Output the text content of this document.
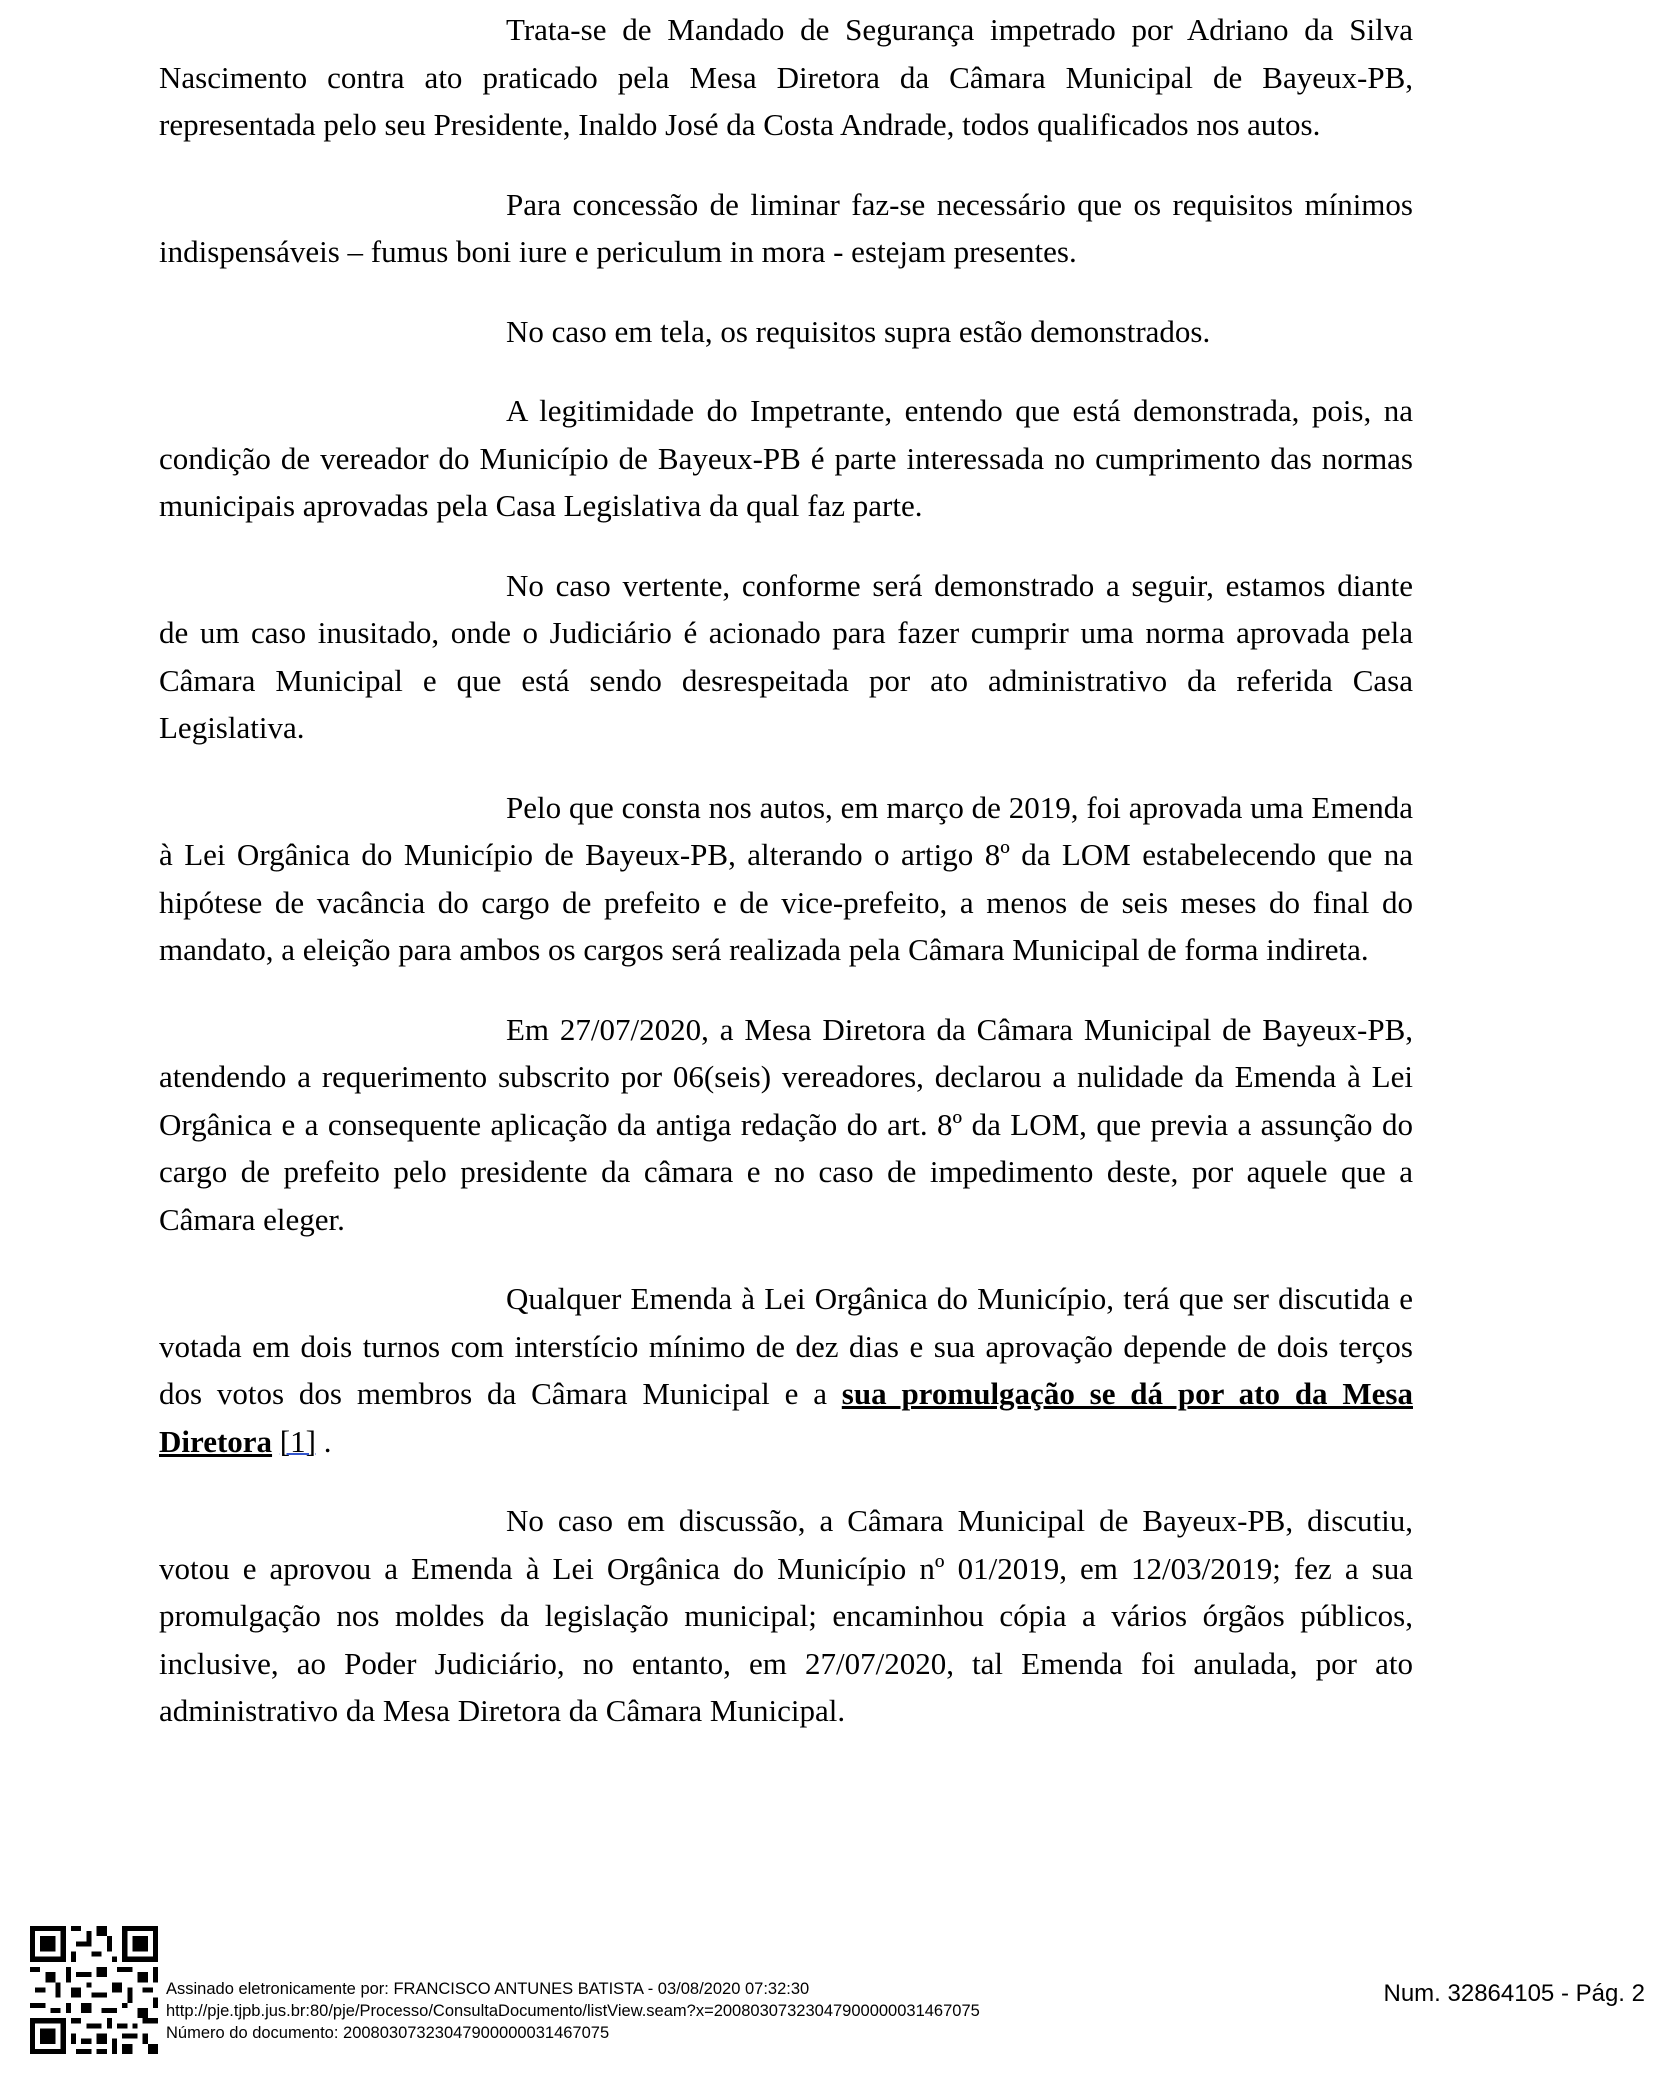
Trata-se de Mandado de Segurança impetrado por Adriano da Silva Nascimento contra ato praticado pela Mesa Diretora da Câmara Municipal de Bayeux-PB, representada pelo seu Presidente, Inaldo José da Costa Andrade, todos qualificados nos autos.

Para concessão de liminar faz-se necessário que os requisitos mínimos indispensáveis – fumus boni iure e periculum in mora - estejam presentes.

No caso em tela, os requisitos supra estão demonstrados.

A legitimidade do Impetrante, entendo que está demonstrada, pois, na condição de vereador do Município de Bayeux-PB é parte interessada no cumprimento das normas municipais aprovadas pela Casa Legislativa da qual faz parte.

No caso vertente, conforme será demonstrado a seguir, estamos diante de um caso inusitado, onde o Judiciário é acionado para fazer cumprir uma norma aprovada pela Câmara Municipal e que está sendo desrespeitada por ato administrativo da referida Casa Legislativa.

Pelo que consta nos autos, em março de 2019, foi aprovada uma Emenda à Lei Orgânica do Município de Bayeux-PB, alterando o artigo 8º da LOM estabelecendo que na hipótese de vacância do cargo de prefeito e de vice-prefeito, a menos de seis meses do final do mandato, a eleição para ambos os cargos será realizada pela Câmara Municipal de forma indireta.

Em 27/07/2020, a Mesa Diretora da Câmara Municipal de Bayeux-PB, atendendo a requerimento subscrito por 06(seis) vereadores, declarou a nulidade da Emenda à Lei Orgânica e a consequente aplicação da antiga redação do art. 8º da LOM, que previa a assunção do cargo de prefeito pelo presidente da câmara e no caso de impedimento deste, por aquele que a Câmara eleger.

Qualquer Emenda à Lei Orgânica do Município, terá que ser discutida e votada em dois turnos com interstício mínimo de dez dias e sua aprovação depende de dois terços dos votos dos membros da Câmara Municipal e a sua promulgação se dá por ato da Mesa Diretora [1] .

No caso em discussão, a Câmara Municipal de Bayeux-PB, discutiu, votou e aprovou a Emenda à Lei Orgânica do Município nº 01/2019, em 12/03/2019; fez a sua promulgação nos moldes da legislação municipal; encaminhou cópia a vários órgãos públicos, inclusive, ao Poder Judiciário, no entanto, em 27/07/2020, tal Emenda foi anulada, por ato administrativo da Mesa Diretora da Câmara Municipal.

Assinado eletronicamente por: FRANCISCO ANTUNES BATISTA - 03/08/2020 07:32:30
http://pje.tjpb.jus.br:80/pje/Processo/ConsultaDocumento/listView.seam?x=20080307323047900000031467075
Número do documento: 20080307323047900000031467075
Num. 32864105 - Pág. 2
